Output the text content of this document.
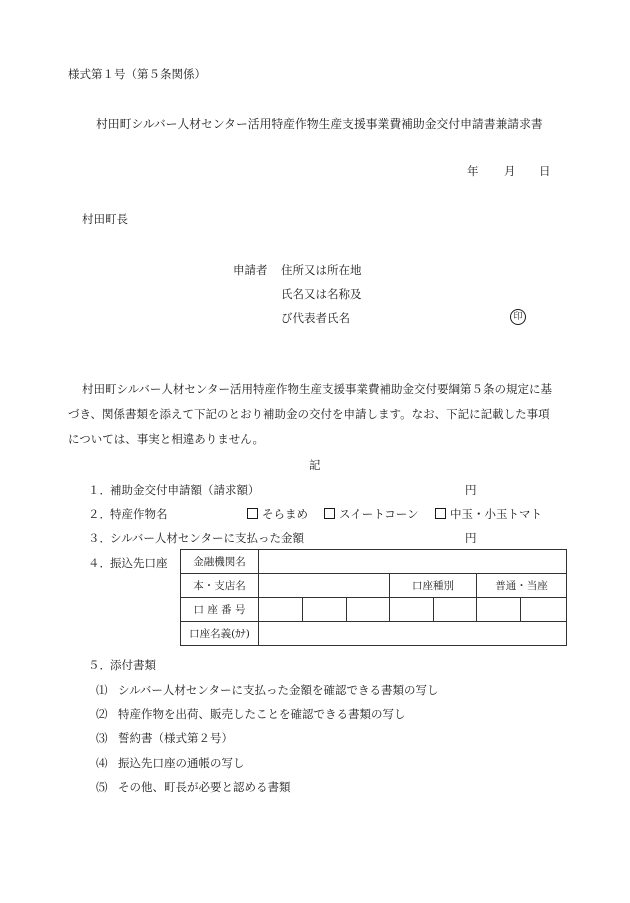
様式第１号（第５条関係）
村田町シルバー人材センター活用特産作物生産支援事業費補助金交付申請書兼請求書
年 月 日
村田町長
申請者 住所又は所在地
氏名又は名称及
び代表者氏名	印
村田町シルバー人材センター活用特産作物生産支援事業費補助金交付要綱第５条の規定に基
づき、関係書類を添えて下記のとおり補助金の交付を申請します。なお、下記に記載した事項
については、事実と相違ありません。
記
１． 補助金交付申請額（請求額）	円
２． 特産作物名	そらまめ	スイートコーン	中玉・小玉トマト
３． シルバー人材センターに支払った金額	円
４． 振込先口座 金融機関名							
本・支店名				口座種別		普通・当座	
口 座 番 号							
口座名義(ｶﾅ)							
５． 添付書類
⑴ シルバー人材センターに支払った金額を確認できる書類の写し
⑵ 特産作物を出荷、販売したことを確認できる書類の写し
⑶ 誓約書（様式第２号）
⑷ 振込先口座の通帳の写し
⑸ その他、町長が必要と認める書類
